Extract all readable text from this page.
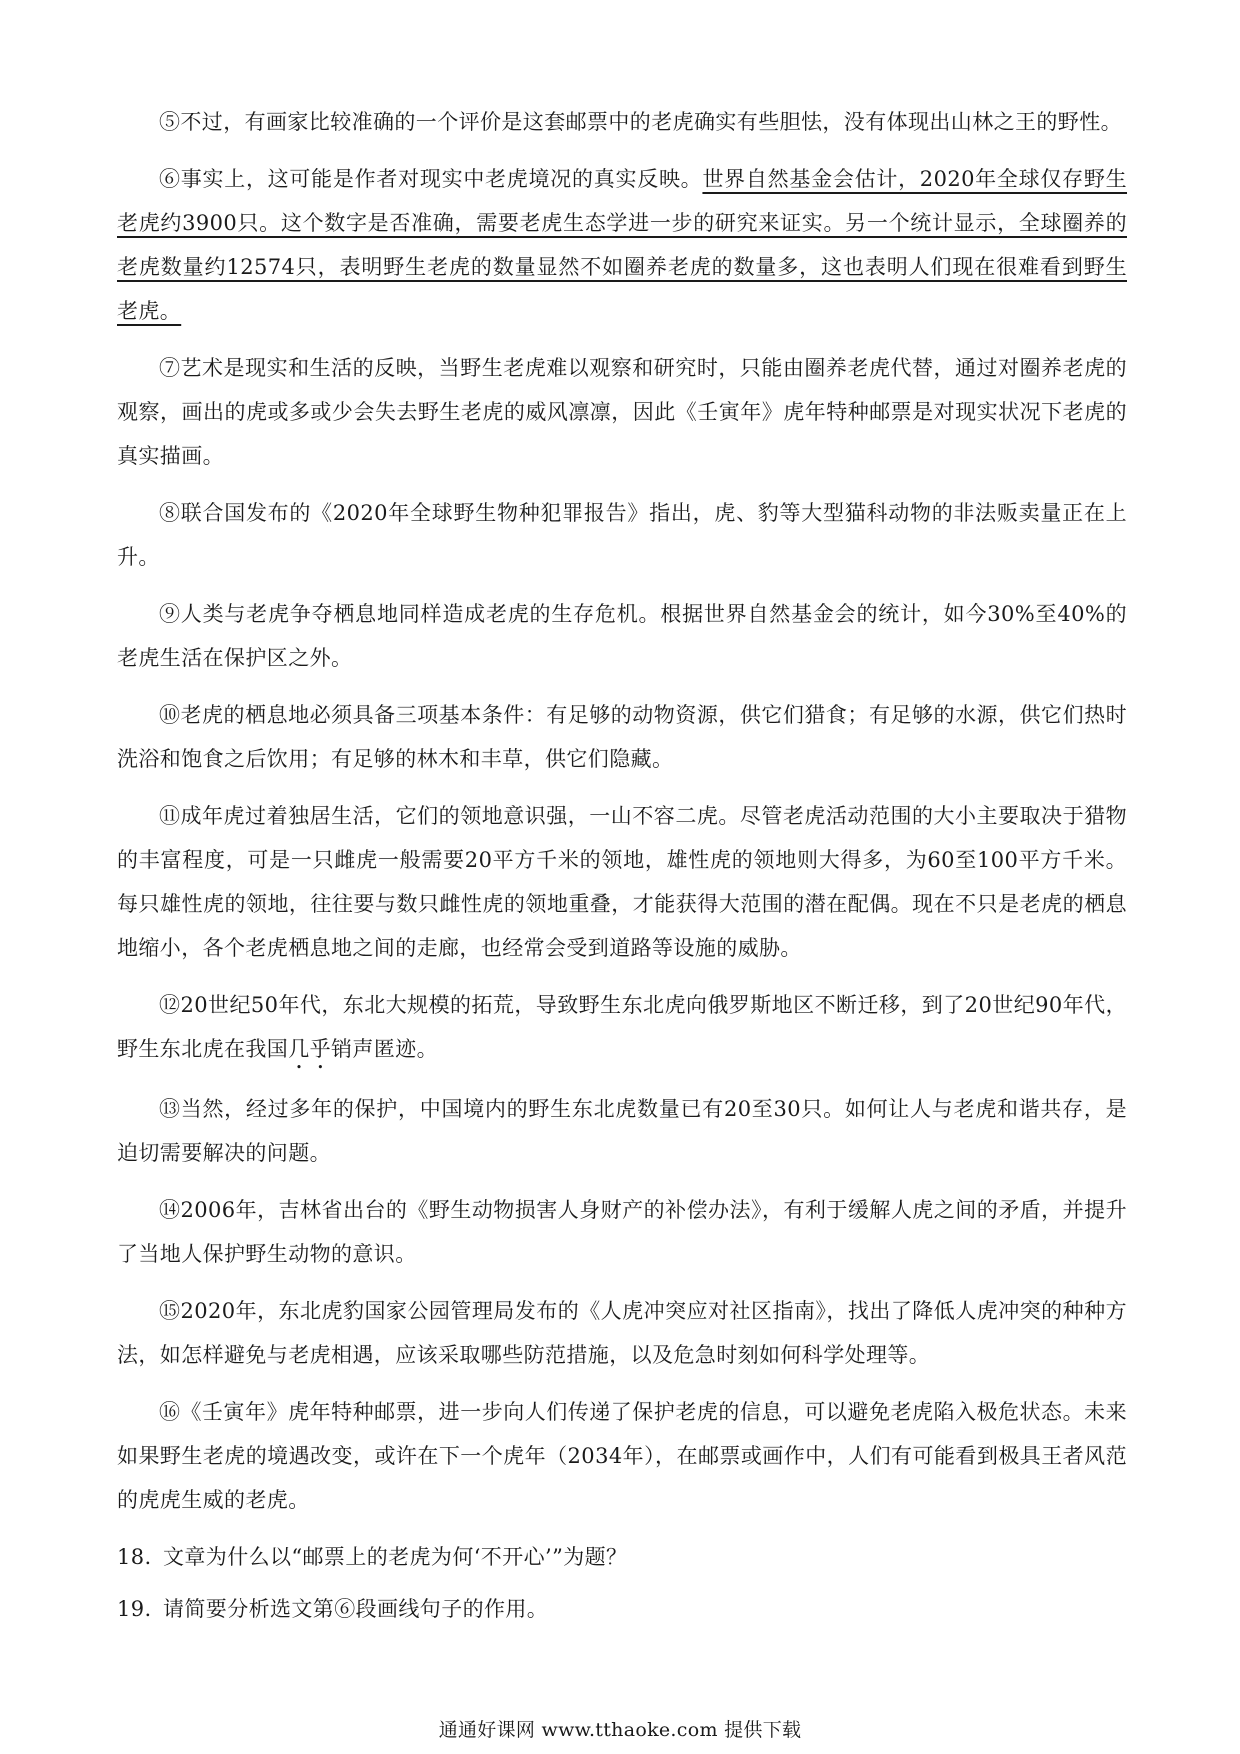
⑤不过，有画家比较准确的一个评价是这套邮票中的老虎确实有些胆怯，没有体现出山林之王的野性。

⑥事实上，这可能是作者对现实中老虎境况的真实反映。世界自然基金会估计，2020年全球仅存野生老虎约3900只。这个数字是否准确，需要老虎生态学进一步的研究来证实。另一个统计显示，全球圈养的老虎数量约12574只，表明野生老虎的数量显然不如圈养老虎的数量多，这也表明人们现在很难看到野生老虎。

⑦艺术是现实和生活的反映，当野生老虎难以观察和研究时，只能由圈养老虎代替，通过对圈养老虎的观察，画出的虎或多或少会失去野生老虎的威风凛凛，因此《壬寅年》虎年特种邮票是对现实状况下老虎的真实描画。

⑧联合国发布的《2020年全球野生物种犯罪报告》指出，虎、豹等大型猫科动物的非法贩卖量正在上升。

⑨人类与老虎争夺栖息地同样造成老虎的生存危机。根据世界自然基金会的统计，如今30%至40%的老虎生活在保护区之外。

⑩老虎的栖息地必须具备三项基本条件：有足够的动物资源，供它们猎食；有足够的水源，供它们热时洗浴和饱食之后饮用；有足够的林木和丰草，供它们隐藏。

⑪成年虎过着独居生活，它们的领地意识强，一山不容二虎。尽管老虎活动范围的大小主要取决于猎物的丰富程度，可是一只雌虎一般需要20平方千米的领地，雄性虎的领地则大得多，为60至100平方千米。每只雄性虎的领地，往往要与数只雌性虎的领地重叠，才能获得大范围的潜在配偶。现在不只是老虎的栖息地缩小，各个老虎栖息地之间的走廊，也经常会受到道路等设施的威胁。

⑫20世纪50年代，东北大规模的拓荒，导致野生东北虎向俄罗斯地区不断迁移，到了20世纪90年代，野生东北虎在我国几乎销声匿迹。

⑬当然，经过多年的保护，中国境内的野生东北虎数量已有20至30只。如何让人与老虎和谐共存，是迫切需要解决的问题。

⑭2006年，吉林省出台的《野生动物损害人身财产的补偿办法》，有利于缓解人虎之间的矛盾，并提升了当地人保护野生动物的意识。

⑮2020年，东北虎豹国家公园管理局发布的《人虎冲突应对社区指南》，找出了降低人虎冲突的种种方法，如怎样避免与老虎相遇，应该采取哪些防范措施，以及危急时刻如何科学处理等。

⑯《壬寅年》虎年特种邮票，进一步向人们传递了保护老虎的信息，可以避免老虎陷入极危状态。未来如果野生老虎的境遇改变，或许在下一个虎年（2034年），在邮票或画作中，人们有可能看到极具王者风范的虎虎生威的老虎。

18. 文章为什么以“邮票上的老虎为何‘不开心’”为题？

19. 请简要分析选文第⑥段画线句子的作用。

通通好课网 www.tthaoke.com 提供下载
